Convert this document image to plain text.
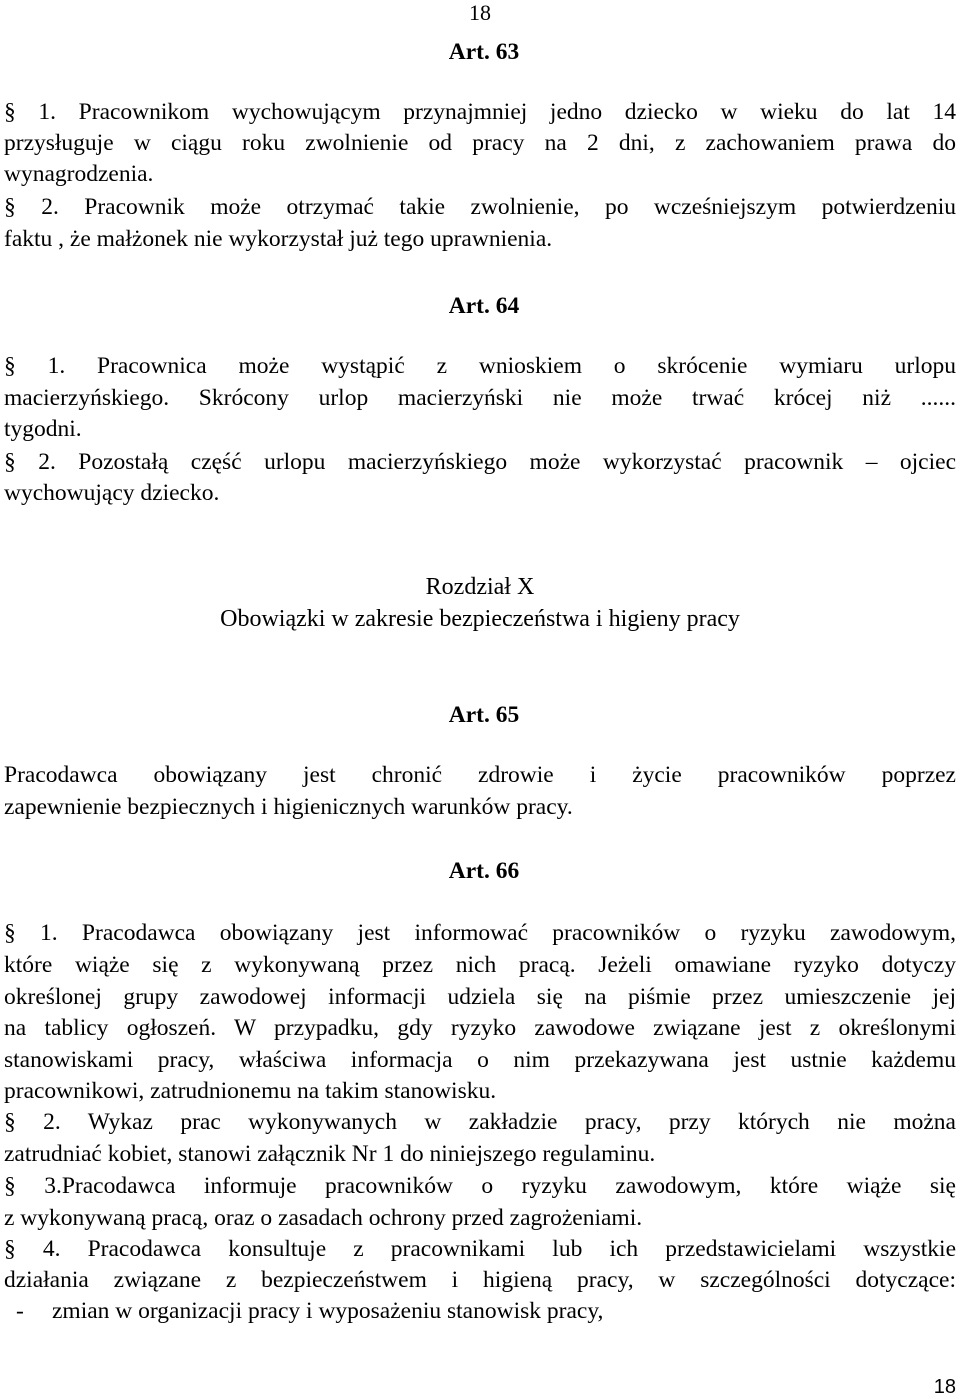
18
Art. 63
§ 1. Pracownikom wychowującym przynajmniej jedno dziecko w wieku do lat 14
przysługuje w ciągu roku zwolnienie od pracy na 2 dni, z zachowaniem prawa do
wynagrodzenia.
§ 2. Pracownik może otrzymać takie zwolnienie, po wcześniejszym potwierdzeniu
faktu , że małżonek nie wykorzystał już tego uprawnienia.
Art. 64
§ 1. Pracownica może wystąpić z wnioskiem o skrócenie wymiaru urlopu
macierzyńskiego. Skrócony urlop macierzyński nie może trwać krócej niż ......
tygodni.
§ 2. Pozostałą część urlopu macierzyńskiego może wykorzystać pracownik – ojciec
wychowujący dziecko.
Rozdział X
Obowiązki w zakresie bezpieczeństwa i higieny pracy
Art. 65
Pracodawca obowiązany jest chronić zdrowie i życie pracowników poprzez
zapewnienie bezpiecznych i higienicznych warunków pracy.
Art. 66
§ 1. Pracodawca obowiązany jest informować pracowników o ryzyku zawodowym,
które wiąże się z wykonywaną przez nich pracą. Jeżeli omawiane ryzyko dotyczy
określonej grupy zawodowej informacji udziela się na piśmie przez umieszczenie jej
na tablicy ogłoszeń. W przypadku, gdy ryzyko zawodowe związane jest z określonymi
stanowiskami pracy, właściwa informacja o nim przekazywana jest ustnie każdemu
pracownikowi, zatrudnionemu na takim stanowisku.
§ 2. Wykaz prac wykonywanych w zakładzie pracy, przy których nie można
zatrudniać kobiet, stanowi załącznik Nr 1 do niniejszego regulaminu.
§ 3.Pracodawca informuje pracowników o ryzyku zawodowym, które wiąże się
z wykonywaną pracą, oraz o zasadach ochrony przed zagrożeniami.
§ 4. Pracodawca konsultuje z pracownikami lub ich przedstawicielami wszystkie
działania związane z bezpieczeństwem i higieną pracy, w szczególności dotyczące:
-	zmian w organizacji pracy i wyposażeniu stanowisk pracy,
18
